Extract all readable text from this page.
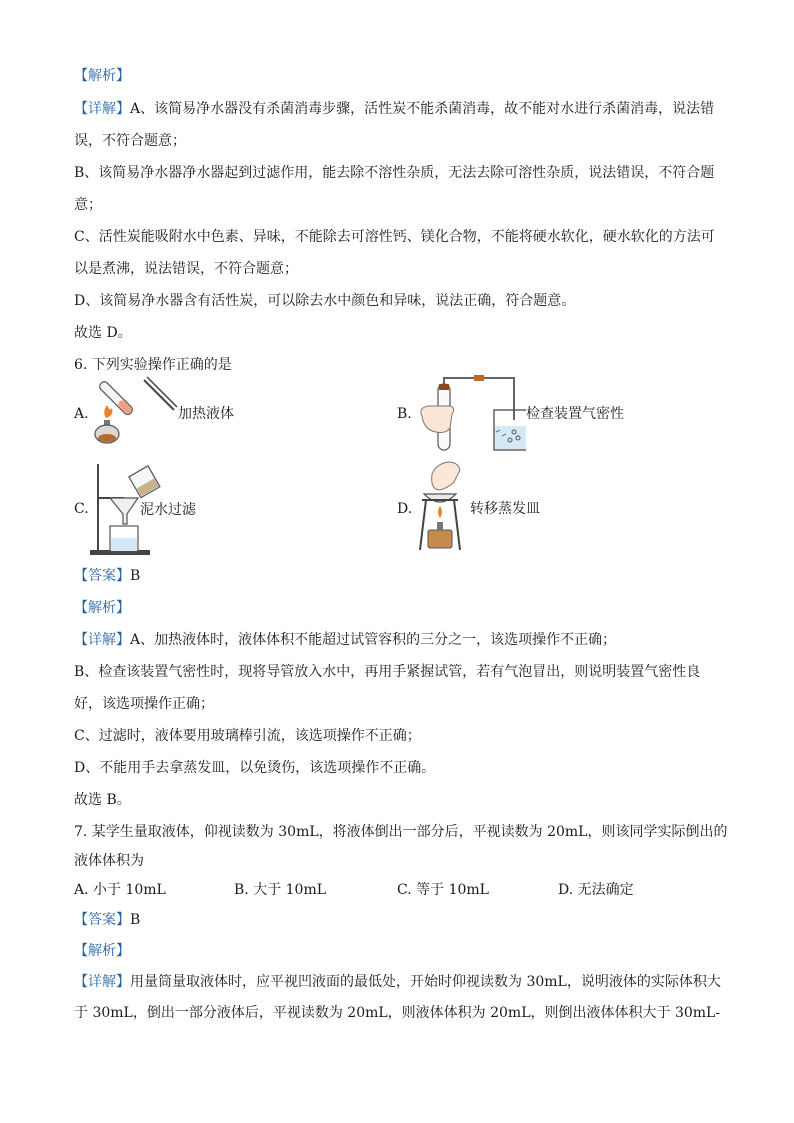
【解析】
【详解】A、该简易净水器没有杀菌消毒步骤，活性炭不能杀菌消毒，故不能对水进行杀菌消毒，说法错
误，不符合题意；
B、该简易净水器净水器起到过滤作用，能去除不溶性杂质，无法去除可溶性杂质，说法错误，不符合题
意；
C、活性炭能吸附水中色素、异味，不能除去可溶性钙、镁化合物，不能将硬水软化，硬水软化的方法可
以是煮沸，说法错误，不符合题意；
D、该简易净水器含有活性炭，可以除去水中颜色和异味，说法正确，符合题意。
故选 D。
6. 下列实验操作正确的是
A.	加热液体	B.	检查装置气密性
C.	泥水过滤	D.	转移蒸发皿
【答案】B
【解析】
【详解】A、加热液体时，液体体积不能超过试管容积的三分之一，该选项操作不正确；
B、检查该装置气密性时，现将导管放入水中，再用手紧握试管，若有气泡冒出，则说明装置气密性良
好，该选项操作正确；
C、过滤时，液体要用玻璃棒引流，该选项操作不正确；
D、不能用手去拿蒸发皿，以免烫伤，该选项操作不正确。
故选 B。
7. 某学生量取液体，仰视读数为 30mL，将液体倒出一部分后，平视读数为 20mL，则该同学实际倒出的
液体体积为
A. 小于 10mL	B. 大于 10mL	C. 等于 10mL	D. 无法确定
【答案】B
【解析】
【详解】用量筒量取液体时，应平视凹液面的最低处，开始时仰视读数为 30mL，说明液体的实际体积大
于 30mL，倒出一部分液体后，平视读数为 20mL，则液体体积为 20mL，则倒出液体体积大于 30mL-
